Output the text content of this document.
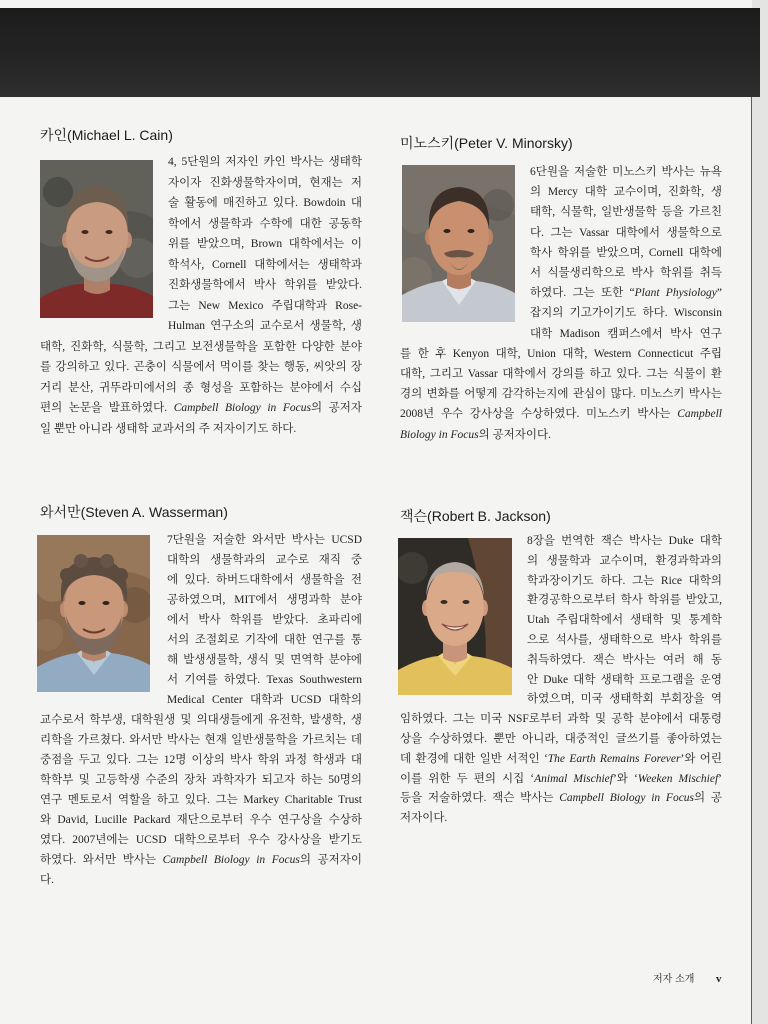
카인(Michael L. Cain)
4, 5단원의 저자인 카인 박사는 생태학
자이자 진화생물학자이며, 현재는 저
술 활동에 매진하고 있다. Bowdoin 대
학에서 생물학과 수학에 대한 공동학
위를 받았으며, Brown 대학에서는 이
학석사, Cornell 대학에서는 생태학과
진화생물학에서 박사 학위를 받았다.
그는 New Mexico 주립대학과 Rose-
Hulman 연구소의 교수로서 생물학, 생
태학, 진화학, 식물학, 그리고 보전생물학을 포함한 다양한 분야
를 강의하고 있다. 곤충이 식물에서 먹이를 찾는 행동, 씨앗의 장
거리 분산, 귀뚜라미에서의 종 형성을 포함하는 분야에서 수십
편의 논문을 발표하였다. Campbell Biology in Focus의 공저자
일 뿐만 아니라 생태학 교과서의 주 저자이기도 하다.
미노스키(Peter V. Minorsky)
6단원을 저술한 미노스키 박사는 뉴욕
의 Mercy 대학 교수이며, 진화학, 생
태학, 식물학, 일반생물학 등을 가르친
다. 그는 Vassar 대학에서 생물학으로
학사 학위를 받았으며, Cornell 대학에
서 식물생리학으로 박사 학위를 취득
하였다. 그는 또한 “Plant Physiology”
잡지의 기고가이기도 하다. Wisconsin
대학 Madison 캠퍼스에서 박사 연구
를 한 후 Kenyon 대학, Union 대학, Western Connecticut 주립
대학, 그리고 Vassar 대학에서 강의를 하고 있다. 그는 식물이 환
경의 변화를 어떻게 감각하는지에 관심이 많다. 미노스키 박사는
2008년 우수 강사상을 수상하였다. 미노스키 박사는 Campbell
Biology in Focus의 공저자이다.
와서만(Steven A. Wasserman)
7단원을 저술한 와서만 박사는 UCSD
대학의 생물학과의 교수로 재직 중
에 있다. 하버드대학에서 생물학을 전
공하였으며, MIT에서 생명과학 분야
에서 박사 학위를 받았다. 초파리에
서의 조절회로 기작에 대한 연구를 통
해 발생생물학, 생식 및 면역학 분야에
서 기여를 하였다. Texas Southwestern
Medical Center 대학과 UCSD 대학의
교수로서 학부생, 대학원생 및 의대생들에게 유전학, 발생학, 생
리학을 가르쳤다. 와서만 박사는 현재 일반생물학을 가르치는 데
중점을 두고 있다. 그는 12명 이상의 박사 학위 과정 학생과 대
학학부 및 고등학생 수준의 장차 과학자가 되고자 하는 50명의
연구 멘토로서 역할을 하고 있다. 그는 Markey Charitable Trust
와 David, Lucille Packard 재단으로부터 우수 연구상을 수상하
였다. 2007년에는 UCSD 대학으로부터 우수 강사상을 받기도
하였다. 와서만 박사는 Campbell Biology in Focus의 공저자이
다.
잭슨(Robert B. Jackson)
8장을 번역한 잭슨 박사는 Duke 대학
의 생물학과 교수이며, 환경과학과의
학과장이기도 하다. 그는 Rice 대학의
환경공학으로부터 학사 학위를 받았고,
Utah 주립대학에서 생태학 및 통계학
으로 석사를, 생태학으로 박사 학위를
취득하였다. 잭슨 박사는 여러 해 동
안 Duke 대학 생태학 프로그램을 운영
하였으며, 미국 생태학회 부회장을 역
임하였다. 그는 미국 NSF로부터 과학 및 공학 분야에서 대통령
상을 수상하였다. 뿐만 아니라, 대중적인 글쓰기를 좋아하였는
데 환경에 대한 일반 서적인 ‘The Earth Remains Forever’와 어린
이를 위한 두 편의 시집 ‘Animal Mischief’와 ‘Weeken Mischief’
등을 저술하였다. 잭슨 박사는 Campbell Biology in Focus의 공
저자이다.
저자 소개 v
